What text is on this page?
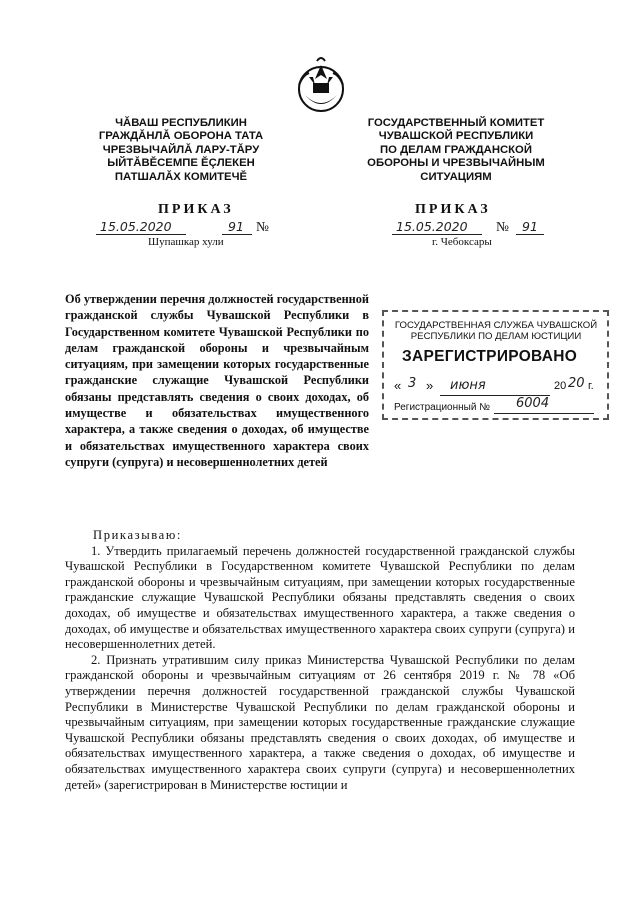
ЧĂВАШ РЕСПУБЛИКИН
ГРАЖДĂНЛĂ ОБОРОНА ТАТА
ЧРЕЗВЫЧАЙЛĂ ЛАРУ-ТĂРУ
ЫЙТĂВĔСЕМПЕ ĔÇЛЕКЕН
ПАТШАЛĂХ КОМИТЕЧĔ
ГОСУДАРСТВЕННЫЙ КОМИТЕТ
ЧУВАШСКОЙ РЕСПУБЛИКИ
ПО ДЕЛАМ ГРАЖДАНСКОЙ
ОБОРОНЫ И ЧРЕЗВЫЧАЙНЫМ
СИТУАЦИЯМ
ПРИКАЗ
15.05.2020	91 №
Шупашкар хули
ПРИКАЗ
15.05.2020 № 91
г. Чебоксары
Об утверждении перечня должностей государственной гражданской службы Чувашской Республики в Государственном комитете Чувашской Республики по делам гражданской обороны и чрезвычайным ситуациям, при замещении которых государственные гражданские служащие Чувашской Республики обязаны представлять сведения о своих доходах, об имуществе и обязательствах имущественного характера, а также сведения о доходах, об имуществе и обязательствах имущественного характера своих супруги (супруга) и несовершеннолетних детей
ГОСУДАРСТВЕННАЯ СЛУЖБА ЧУВАШСКОЙ
РЕСПУБЛИКИ ПО ДЕЛАМ ЮСТИЦИИ
ЗАРЕГИСТРИРОВАНО
« 3 » июня	20 20 г.
Регистрационный № 6004

Приказываю:

1. Утвердить прилагаемый перечень должностей государственной гражданской службы Чувашской Республики в Государственном комитете Чувашской Республики по делам гражданской обороны и чрезвычайным ситуациям, при замещении которых государственные гражданские служащие Чувашской Республики обязаны представлять сведения о своих доходах, об имуществе и обязательствах имущественного характера, а также сведения о доходах, об имуществе и обязательствах имущественного характера своих супруги (супруга) и несовершеннолетних детей.

2. Признать утратившим силу приказ Министерства Чувашской Республики по делам гражданской обороны и чрезвычайным ситуациям от 26 сентября 2019 г. № 78 «Об утверждении перечня должностей государственной гражданской службы Чувашской Республики в Министерстве Чувашской Республики по делам гражданской обороны и чрезвычайным ситуациям, при замещении которых государственные гражданские служащие Чувашской Республики обязаны представлять сведения о своих доходах, об имуществе и обязательствах имущественного характера, а также сведения о доходах, об имуществе и обязательствах имущественного характера своих супруги (супруга) и несовершеннолетних детей» (зарегистрирован в Министерстве юстиции и
